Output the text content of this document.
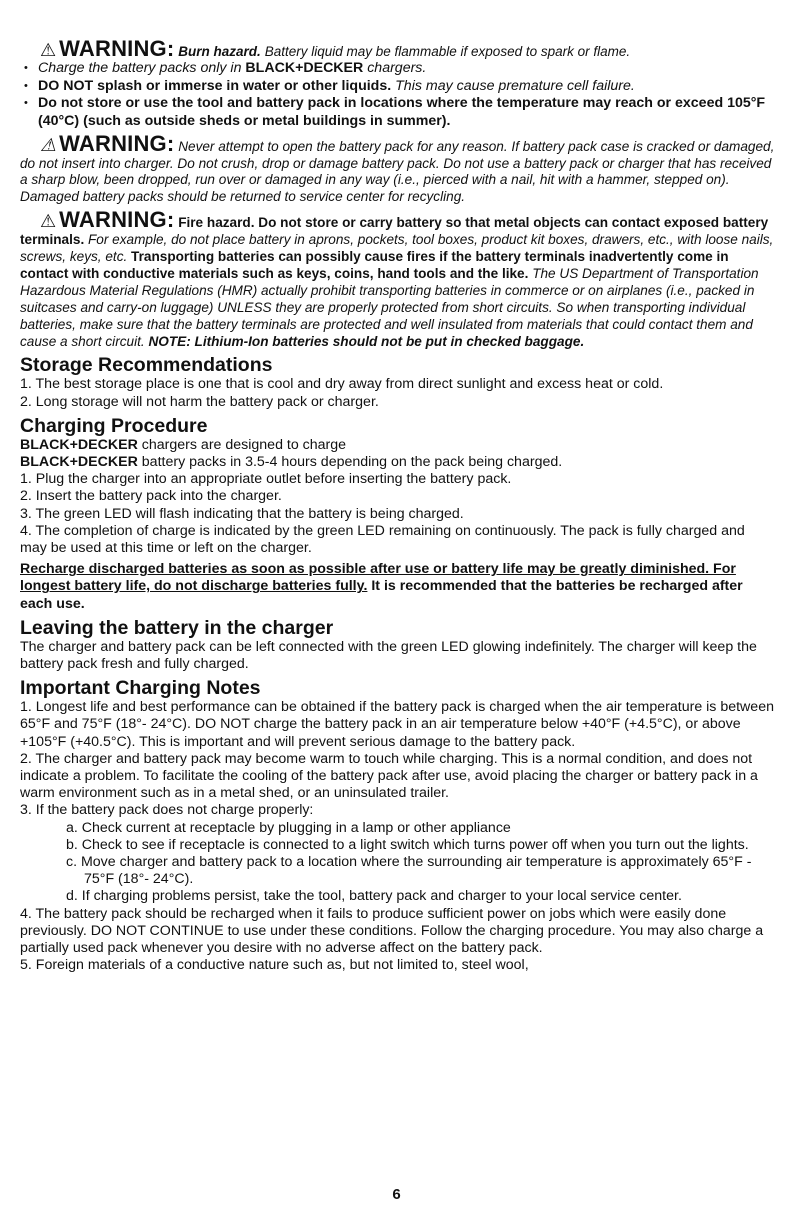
⚠ WARNING: Burn hazard. Battery liquid may be flammable if exposed to spark or flame.

• Charge the battery packs only in BLACK+DECKER chargers.
• DO NOT splash or immerse in water or other liquids. This may cause premature cell failure.
• Do not store or use the tool and battery pack in locations where the temperature may reach or exceed 105°F (40°C) (such as outside sheds or metal buildings in summer).

⚠ WARNING: Never attempt to open the battery pack for any reason. If battery pack case is cracked or damaged, do not insert into charger. Do not crush, drop or damage battery pack. Do not use a battery pack or charger that has received a sharp blow, been dropped, run over or damaged in any way (i.e., pierced with a nail, hit with a hammer, stepped on). Damaged battery packs should be returned to service center for recycling.

⚠ WARNING: Fire hazard. Do not store or carry battery so that metal objects can contact exposed battery terminals. For example, do not place battery in aprons, pockets, tool boxes, product kit boxes, drawers, etc., with loose nails, screws, keys, etc. Transporting batteries can possibly cause fires if the battery terminals inadvertently come in contact with conductive materials such as keys, coins, hand tools and the like. The US Department of Transportation Hazardous Material Regulations (HMR) actually prohibit transporting batteries in commerce or on airplanes (i.e., packed in suitcases and carry-on luggage) UNLESS they are properly protected from short circuits. So when transporting individual batteries, make sure that the battery terminals are protected and well insulated from materials that could contact them and cause a short circuit. NOTE: Lithium-Ion batteries should not be put in checked baggage.

Storage Recommendations

1. The best storage place is one that is cool and dry away from direct sunlight and excess heat or cold.

2. Long storage will not harm the battery pack or charger.

Charging Procedure

BLACK+DECKER chargers are designed to charge

BLACK+DECKER battery packs in 3.5-4 hours depending on the pack being charged.

1. Plug the charger into an appropriate outlet before inserting the battery pack.

2. Insert the battery pack into the charger.

3. The green LED will flash indicating that the battery is being charged.

4. The completion of charge is indicated by the green LED remaining on continuously. The pack is fully charged and may be used at this time or left on the charger.

Recharge discharged batteries as soon as possible after use or battery life may be greatly diminished. For longest battery life, do not discharge batteries fully. It is recommended that the batteries be recharged after each use.

Leaving the battery in the charger

The charger and battery pack can be left connected with the green LED glowing indefinitely. The charger will keep the battery pack fresh and fully charged.

Important Charging Notes

1. Longest life and best performance can be obtained if the battery pack is charged when the air temperature is between 65°F and 75°F (18°- 24°C). DO NOT charge the battery pack in an air temperature below +40°F (+4.5°C), or above +105°F (+40.5°C). This is important and will prevent serious damage to the battery pack.

2. The charger and battery pack may become warm to touch while charging. This is a normal condition, and does not indicate a problem. To facilitate the cooling of the battery pack after use, avoid placing the charger or battery pack in a warm environment such as in a metal shed, or an uninsulated trailer.

3. If the battery pack does not charge properly:

a. Check current at receptacle by plugging in a lamp or other appliance

b. Check to see if receptacle is connected to a light switch which turns power off when you turn out the lights.

c. Move charger and battery pack to a location where the surrounding air temperature is approximately 65°F - 75°F (18°- 24°C).

d. If charging problems persist, take the tool, battery pack and charger to your local service center.

4. The battery pack should be recharged when it fails to produce sufficient power on jobs which were easily done previously. DO NOT CONTINUE to use under these conditions. Follow the charging procedure. You may also charge a partially used pack whenever you desire with no adverse affect on the battery pack.

5. Foreign materials of a conductive nature such as, but not limited to, steel wool,

6
